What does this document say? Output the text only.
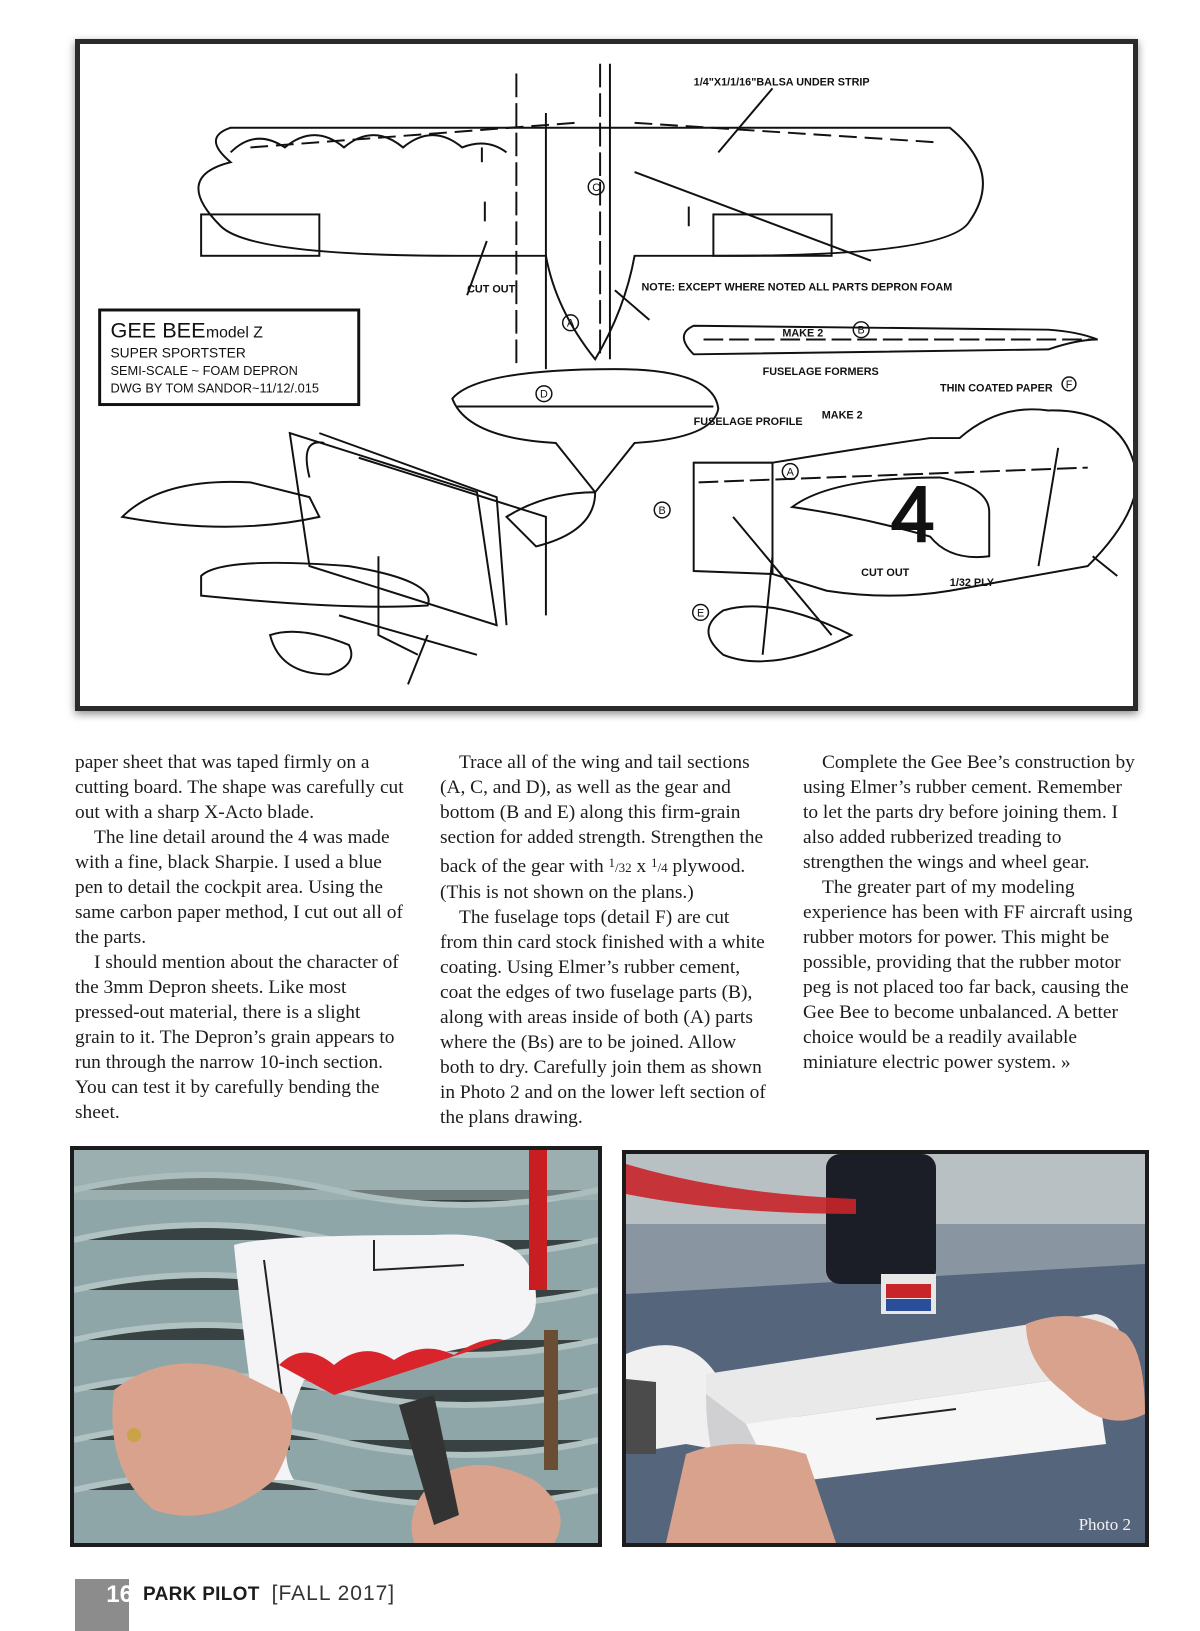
GEE BEE model Z
SUPER SPORTSTER
SEMI-SCALE ~ FOAM DEPRON
DWG BY TOM SANDOR~11/12/.015
1/4"X1/1/16"BALSA UNDER STRIP
CUT OUT	NOTE: EXCEPT WHERE NOTED ALL PARTS DEPRON FOAM
MAKE 2
FUSELAGE FORMERS
FUSELAGE PROFILE
MAKE 2
THIN COATED PAPER
CUT OUT
1/32 PLY
4
A
A
B
B
C
D
E
F

paper sheet that was taped firmly on a cutting board. The shape was carefully cut out with a sharp X-Acto blade.

The line detail around the 4 was made with a fine, black Sharpie. I used a blue pen to detail the cockpit area. Using the same carbon paper method, I cut out all of the parts.

I should mention about the character of the 3mm Depron sheets. Like most pressed-out material, there is a slight grain to it. The Depron’s grain appears to run through the narrow 10-inch section. You can test it by carefully bending the sheet.

Trace all of the wing and tail sections (A, C, and D), as well as the gear and bottom (B and E) along this firm-grain section for added strength. Strengthen the back of the gear with $^1$/32 x $^1$/4 plywood. (This is not shown on the plans.)

The fuselage tops (detail F) are cut from thin card stock finished with a white coating. Using Elmer’s rubber cement, coat the edges of two fuselage parts (B), along with areas inside of both (A) parts where the (Bs) are to be joined. Allow both to dry. Carefully join them as shown in Photo 2 and on the lower left section of the plans drawing.

Complete the Gee Bee’s construction by using Elmer’s rubber cement. Remember to let the parts dry before joining them. I also added rubberized treading to strengthen the wings and wheel gear.

The greater part of my modeling experience has been with FF aircraft using rubber motors for power. This might be possible, providing that the rubber motor peg is not placed too far back, causing the Gee Bee to become unbalanced. A better choice would be a readily available miniature electric power system. »

Photo 2
16 PARK PILOT [FALL 2017]
